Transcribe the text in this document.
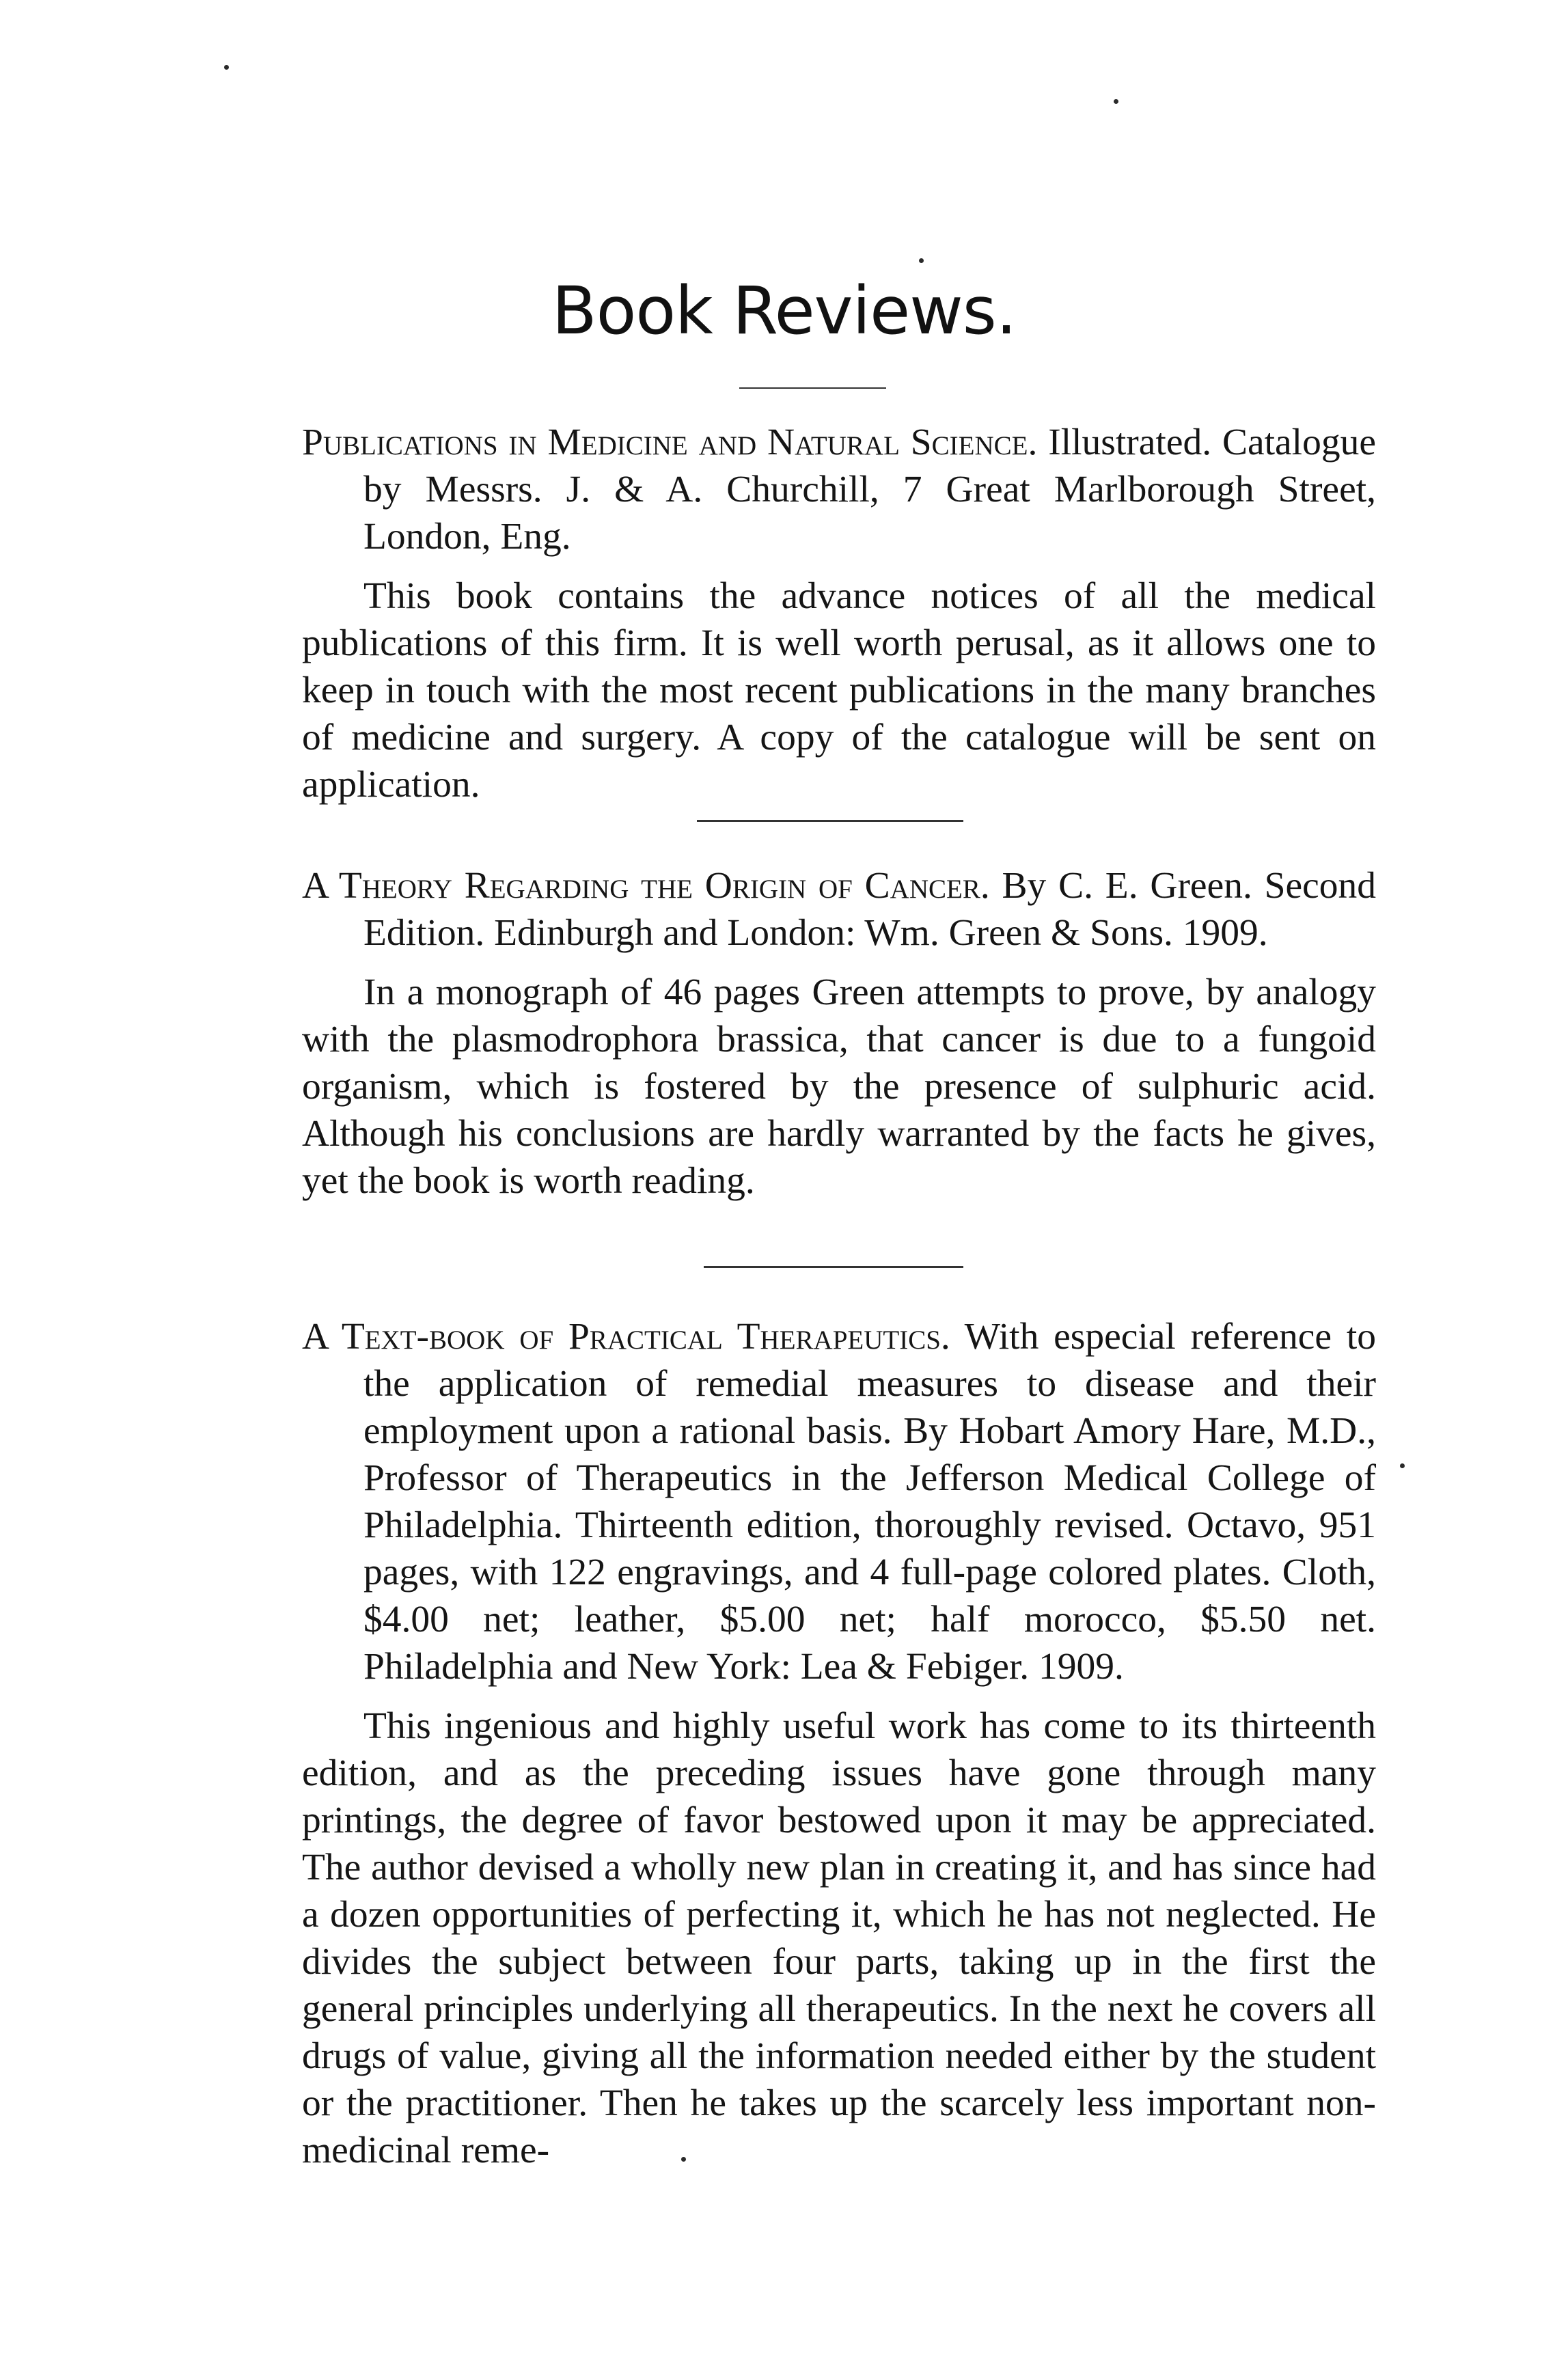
Book Reviews.

Publications in Medicine and Natural Science. Illustrated. Catalogue by Messrs. J. & A. Churchill, 7 Great Marlborough Street, London, Eng.

This book contains the advance notices of all the medical publications of this firm. It is well worth perusal, as it allows one to keep in touch with the most recent publications in the many branches of medicine and surgery. A copy of the catalogue will be sent on application.

A Theory Regarding the Origin of Cancer. By C. E. Green. Second Edition. Edinburgh and London: Wm. Green & Sons. 1909.

In a monograph of 46 pages Green attempts to prove, by analogy with the plasmodrophora brassica, that cancer is due to a fungoid organism, which is fostered by the presence of sulphuric acid. Although his conclusions are hardly warranted by the facts he gives, yet the book is worth reading.

A Text-book of Practical Therapeutics. With especial reference to the application of remedial measures to disease and their employment upon a rational basis. By Hobart Amory Hare, M.D., Professor of Therapeutics in the Jefferson Medical College of Philadelphia. Thirteenth edition, thoroughly revised. Octavo, 951 pages, with 122 engravings, and 4 full-page colored plates. Cloth, $4.00 net; leather, $5.00 net; half morocco, $5.50 net. Philadelphia and New York: Lea & Febiger. 1909.

This ingenious and highly useful work has come to its thirteenth edition, and as the preceding issues have gone through many printings, the degree of favor bestowed upon it may be appreciated. The author devised a wholly new plan in creating it, and has since had a dozen opportunities of perfecting it, which he has not neglected. He divides the subject between four parts, taking up in the first the general principles underlying all therapeutics. In the next he covers all drugs of value, giving all the information needed either by the student or the practitioner. Then he takes up the scarcely less important non-medicinal reme-
